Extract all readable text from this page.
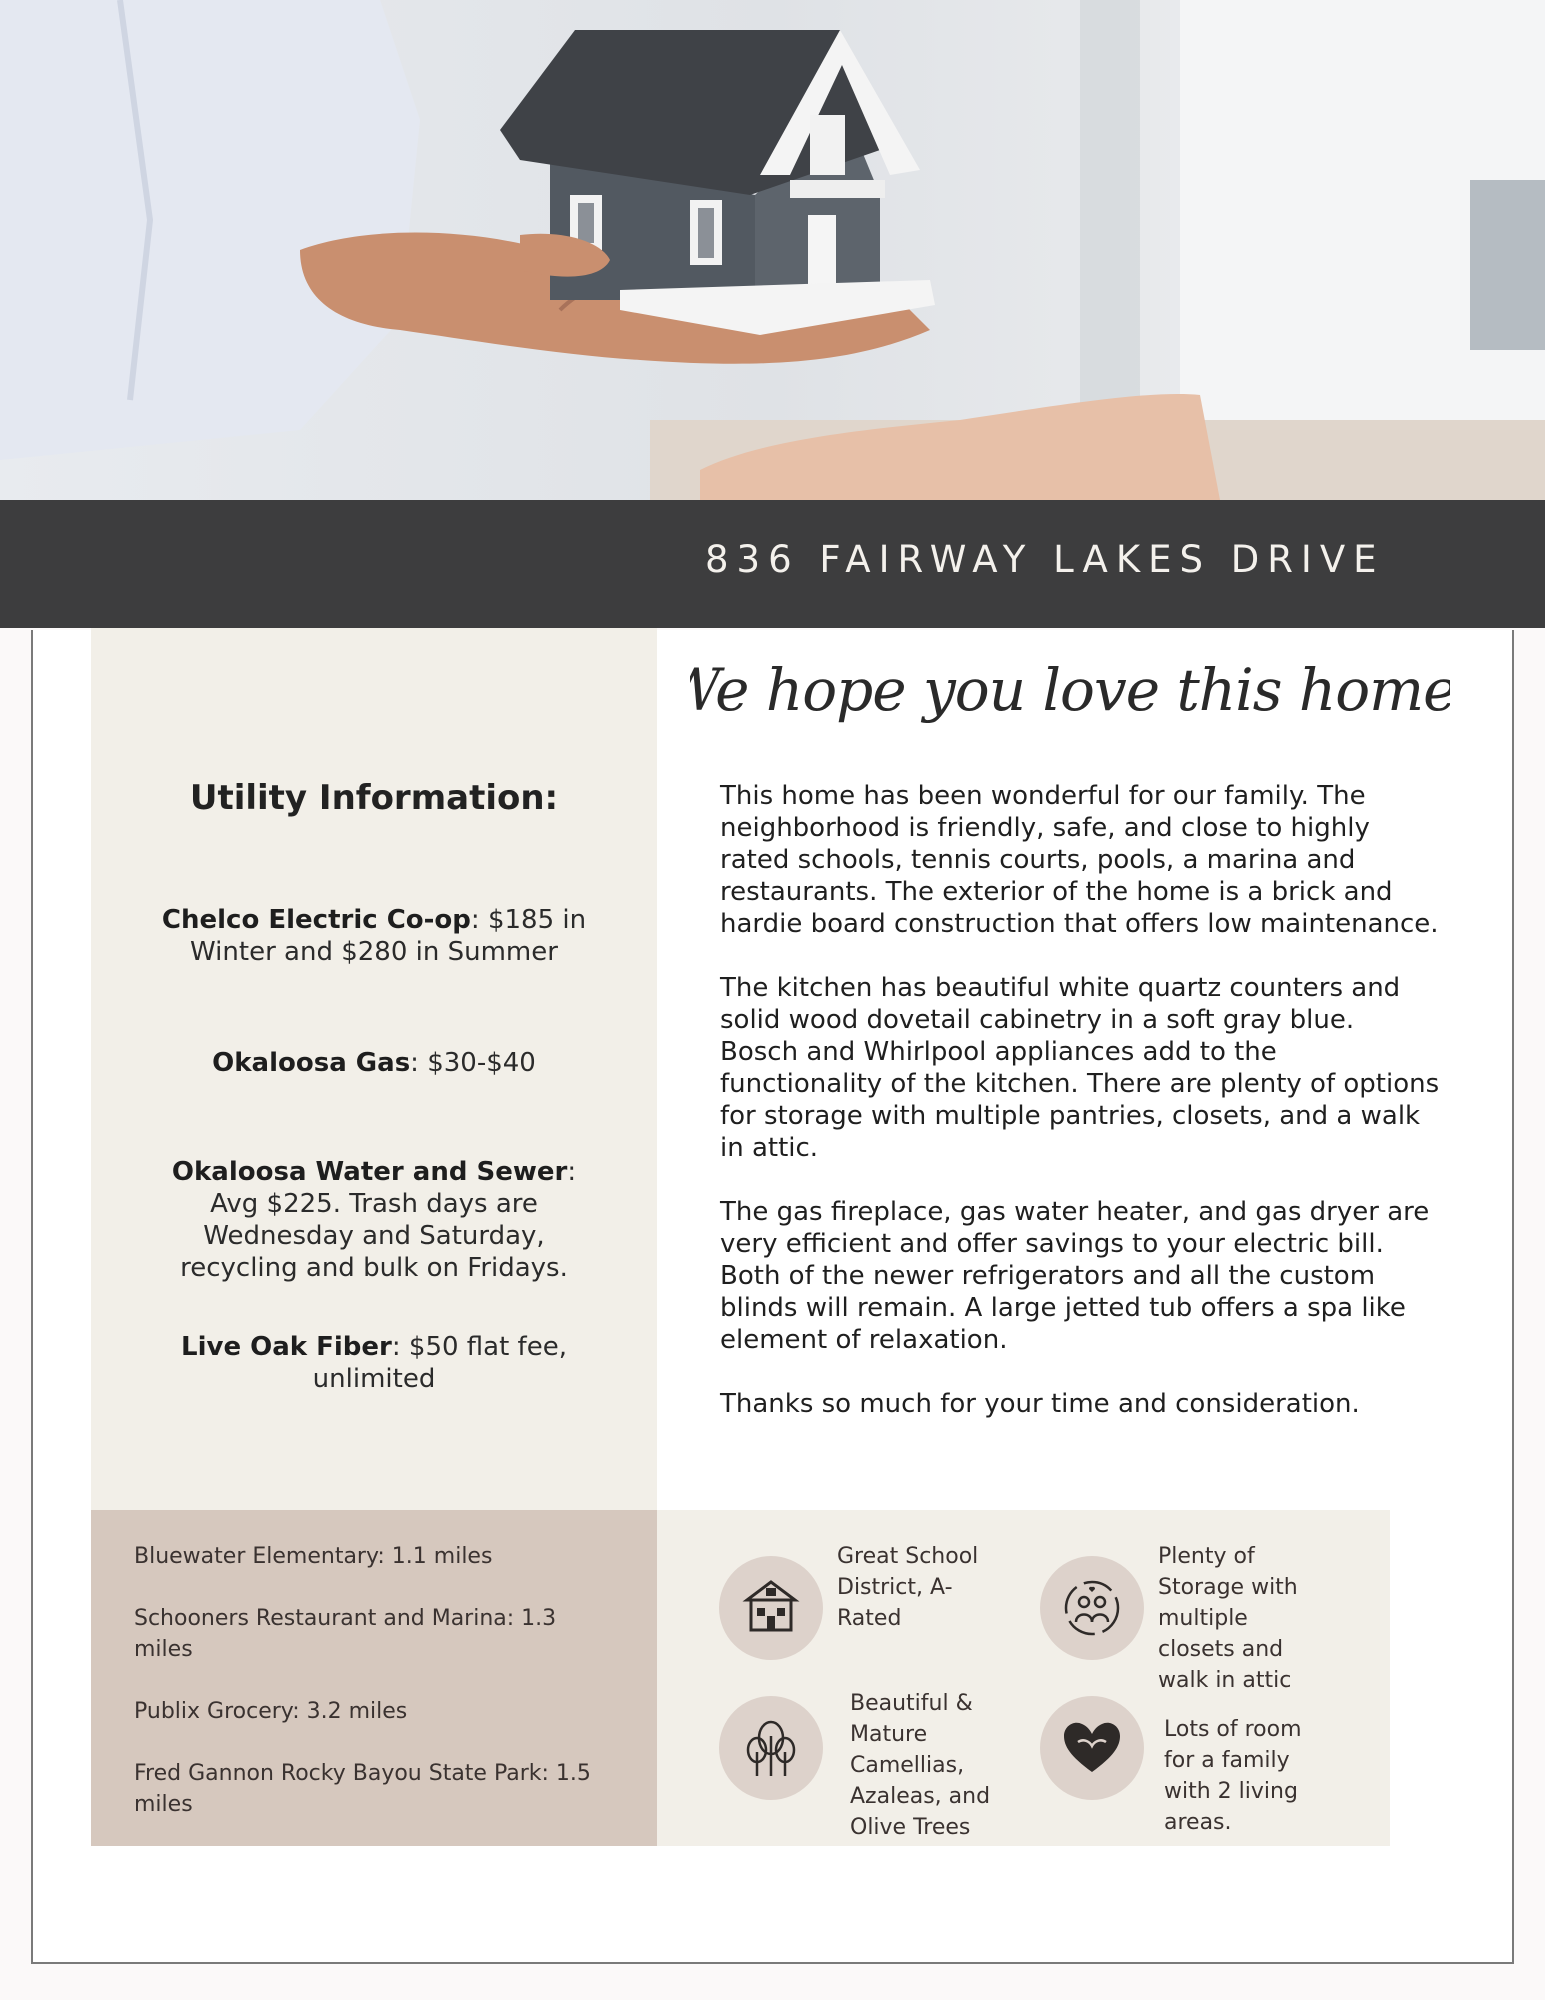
836 FAIRWAY LAKES DRIVE
Utility Information:
Chelco Electric Co-op: $185 in Winter and $280 in Summer
Okaloosa Gas: $30-$40
Okaloosa Water and Sewer: Avg $225. Trash days are Wednesday and Saturday, recycling and bulk on Fridays.
Live Oak Fiber: $50 flat fee, unlimited
We hope you love this home!

This home has been wonderful for our family. The neighborhood is friendly, safe, and close to highly rated schools, tennis courts, pools, a marina and restaurants. The exterior of the home is a brick and hardie board construction that offers low maintenance.

The kitchen has beautiful white quartz counters and solid wood dovetail cabinetry in a soft gray blue. Bosch and Whirlpool appliances add to the functionality of the kitchen. There are plenty of options for storage with multiple pantries, closets, and a walk in attic.

The gas fireplace, gas water heater, and gas dryer are very efficient and offer savings to your electric bill. Both of the newer refrigerators and all the custom blinds will remain. A large jetted tub offers a spa like element of relaxation.

Thanks so much for your time and consideration.

Bluewater Elementary: 1.1 miles
Schooners Restaurant and Marina: 1.3 miles
Publix Grocery: 3.2 miles
Fred Gannon Rocky Bayou State Park: 1.5 miles
Great School District, A-Rated
Plenty of Storage with multiple closets and walk in attic
Beautiful & Mature Camellias, Azaleas, and Olive Trees
Lots of room for a family with 2 living areas.
